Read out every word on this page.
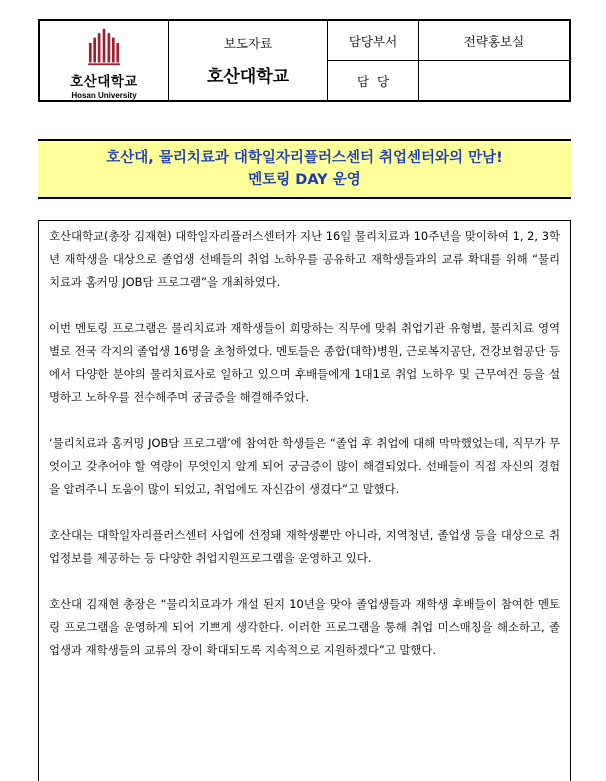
호산대학교
Hosan University
보도자료
호산대학교
담당부서	전략홍보실
담  당
호산대, 물리치료과 대학일자리플러스센터 취업센터와의 만남!
멘토링 DAY 운영

호산대학교(총장 김재현) 대학일자리플러스센터가 지난 16일 물리치료과 10주년을 맞이하여 1, 2, 3학년 재학생을 대상으로 졸업생 선배들의 취업 노하우를 공유하고 재학생들과의 교류 확대를 위해 “물리치료과 홈커밍 JOB담 프로그램”을 개최하였다.

이번 멘토링 프로그램은 물리치료과 재학생들이 희망하는 직무에 맞춰 취업기관 유형별, 물리치료 영역별로 전국 각지의 졸업생 16명을 초청하였다. 멘토들은 종합(대학)병원, 근로복지공단, 건강보험공단 등에서 다양한 분야의 물리치료사로 일하고 있으며 후배들에게 1대1로 취업 노하우 및 근무여건 등을 설명하고 노하우를 전수해주며 궁금증을 해결해주었다.

‘물리치료과 홈커밍 JOB담 프로그램’에 참여한 학생들은 “졸업 후 취업에 대해 막막했었는데, 직무가 무엇이고 갖추어야 할 역량이 무엇인지 알게 되어 궁금증이 많이 해결되었다. 선배들이 직접 자신의 경험을 알려주니 도움이 많이 되었고, 취업에도 자신감이 생겼다”고 말했다.

호산대는 대학일자리플러스센터 사업에 선정돼 재학생뿐만 아니라, 지역청년, 졸업생 등을 대상으로 취업정보를 제공하는 등 다양한 취업지원프로그램을 운영하고 있다.

호산대 김재현 총장은 “물리치료과가 개설 된지 10년을 맞아 졸업생들과 재학생 후배들이 참여한 멘토링 프로그램을 운영하게 되어 기쁘게 생각한다. 이러한 프로그램을 통해 취업 미스매칭을 해소하고, 졸업생과 재학생들의 교류의 장이 확대되도록 지속적으로 지원하겠다”고 말했다.
